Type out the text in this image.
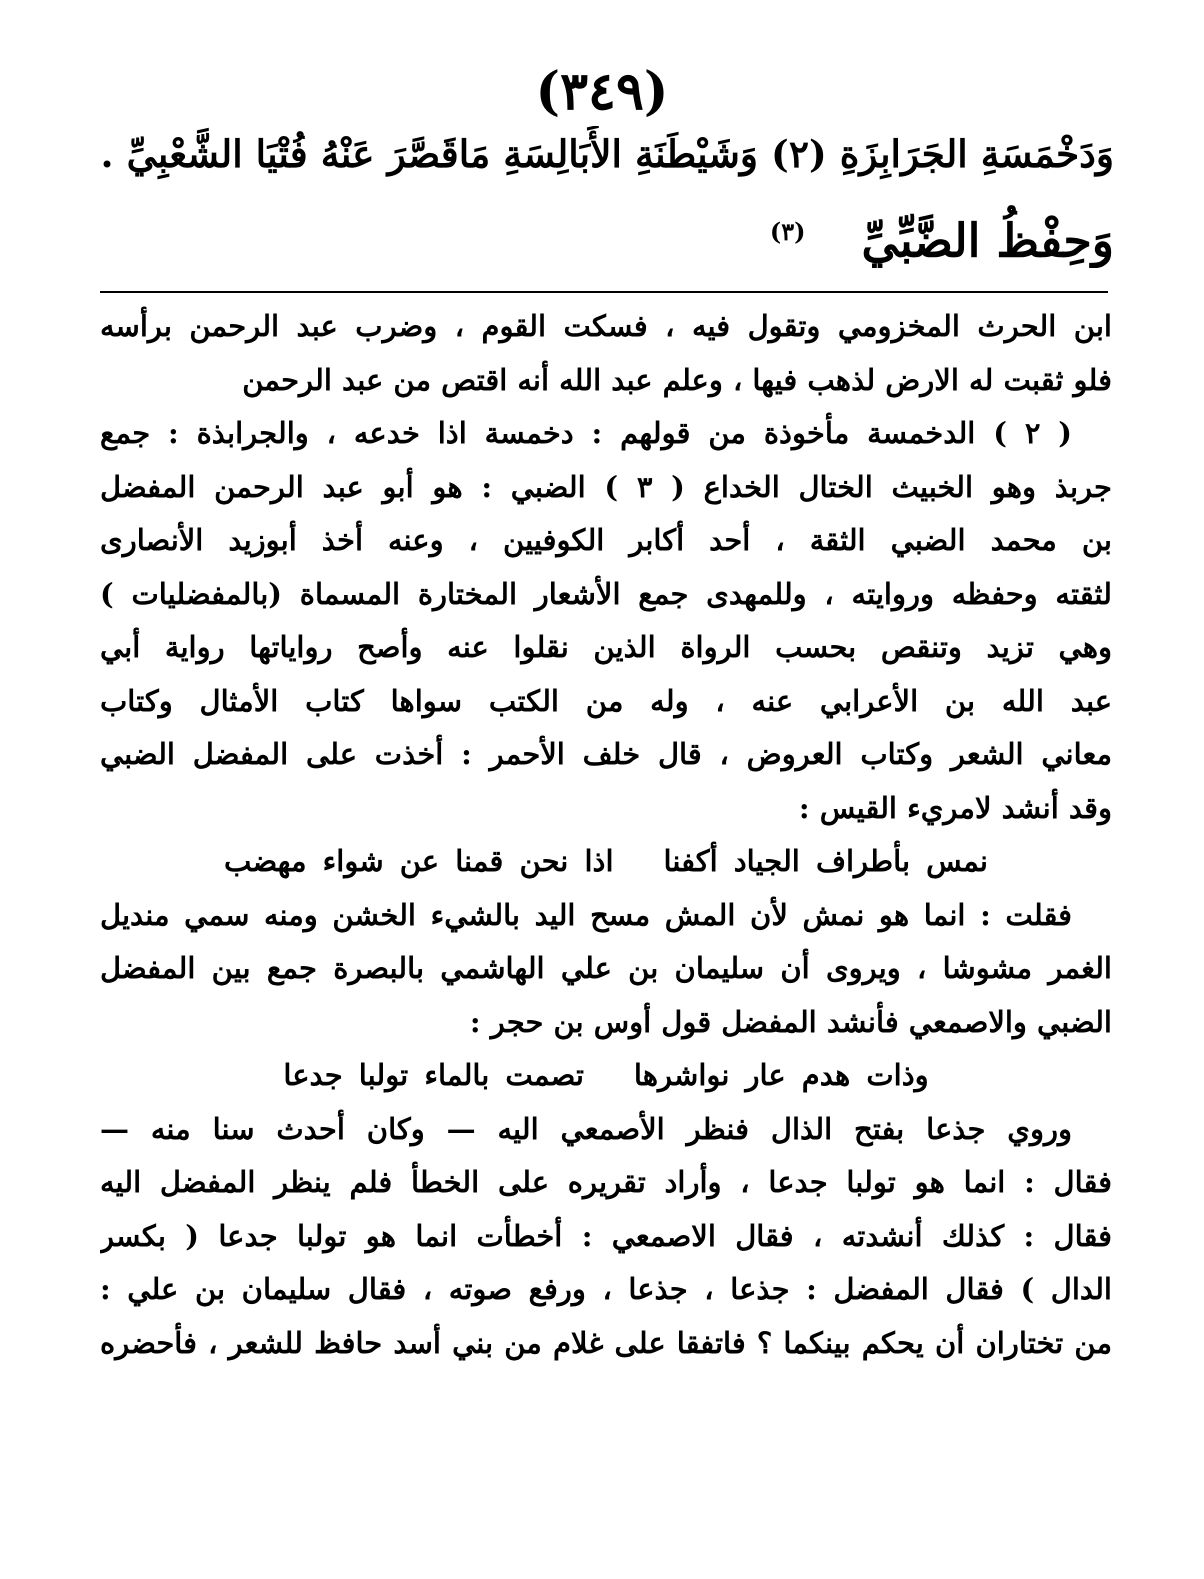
(٣٤٩)
وَدَخْمَسَةِ الجَرَابِزَةِ (٢) وَشَيْطَنَةِ الأَبَالِسَةِ مَاقَصَّرَ عَنْهُ فُتْيَا الشَّعْبِيِّ .
وَحِفْظُ الضَّبِّيِّ $^{(٣)}$
ابن الحرث المخزومي وتقول فيه ، فسكت القوم ، وضرب عبد الرحمن برأسه
فلو ثقبت له الارض لذهب فيها ، وعلم عبد الله أنه اقتص من عبد الرحمن
( ٢ ) الدخمسة مأخوذة من قولهم : دخمسة اذا خدعه ، والجرابذة : جمع
جربذ وهو الخبيث الختال الخداع ( ٣ ) الضبي : هو أبو عبد الرحمن المفضل
بن محمد الضبي الثقة ، أحد أكابر الكوفيين ، وعنه أخذ أبوزيد الأنصارى
لثقته وحفظه وروايته ، وللمهدى جمع الأشعار المختارة المسماة (بالمفضليات )
وهي تزيد وتنقص بحسب الرواة الذين نقلوا عنه وأصح رواياتها رواية أبي
عبد الله بن الأعرابي عنه ، وله من الكتب سواها كتاب الأمثال وكتاب
معاني الشعر وكتاب العروض ، قال خلف الأحمر : أخذت على المفضل الضبي
وقد أنشد لامريء القيس :
نمس بأطراف الجياد أكفنااذا نحن قمنا عن شواء مهضب
فقلت : انما هو نمش لأن المش مسح اليد بالشيء الخشن ومنه سمي منديل
الغمر مشوشا ، ويروى أن سليمان بن علي الهاشمي بالبصرة جمع بين المفضل
الضبي والاصمعي فأنشد المفضل قول أوس بن حجر :
وذات هدم عار نواشرهاتصمت بالماء تولبا جدعا
وروي جذعا بفتح الذال فنظر الأصمعي اليه — وكان أحدث سنا منه —
فقال : انما هو تولبا جدعا ، وأراد تقريره على الخطأ فلم ينظر المفضل اليه
فقال : كذلك أنشدته ، فقال الاصمعي : أخطأت انما هو تولبا جدعا ( بكسر
الدال ) فقال المفضل : جذعا ، جذعا ، ورفع صوته ، فقال سليمان بن علي :
من تختاران أن يحكم بينكما ؟ فاتفقا على غلام من بني أسد حافظ للشعر ، فأحضره
